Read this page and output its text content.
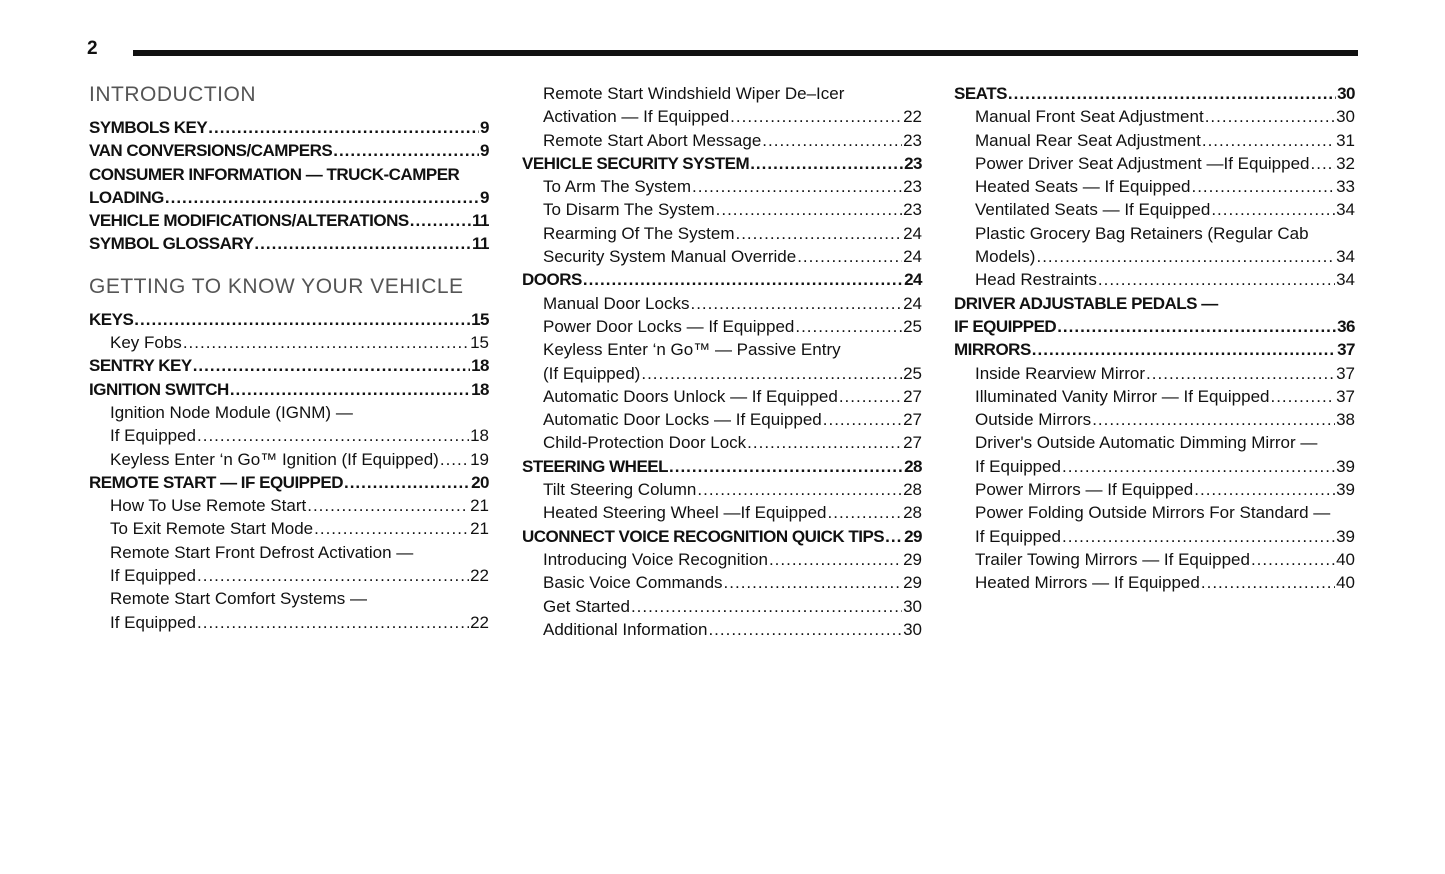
2
INTRODUCTION
SYMBOLS KEY .....	9
VAN CONVERSIONS/CAMPERS .....	9
CONSUMER INFORMATION — TRUCK-CAMPER
LOADING .....	9
VEHICLE MODIFICATIONS/ALTERATIONS .....	11
SYMBOL GLOSSARY .....	11
GETTING TO KNOW YOUR VEHICLE
KEYS .....	15
Key Fobs .....	15
SENTRY KEY .....	18
IGNITION SWITCH .....	18
Ignition Node Module (IGNM) —
If Equipped .....	18
Keyless Enter ‘n Go™ Ignition (If Equipped) ..... 19
REMOTE START — IF EQUIPPED .....	20
How To Use Remote Start .....	21
To Exit Remote Start Mode .....	21
Remote Start Front Defrost Activation —
If Equipped .....	22
Remote Start Comfort Systems —
If Equipped .....	22
Remote Start Windshield Wiper De–Icer
Activation — If Equipped .....	22
Remote Start Abort Message .....	23
VEHICLE SECURITY SYSTEM .....	23
To Arm The System .....	23
To Disarm The System .....	23
Rearming Of The System .....	24
Security System Manual Override .....	24
DOORS .....	24
Manual Door Locks .....	24
Power Door Locks — If Equipped .....	25
Keyless Enter ‘n Go™ — Passive Entry
(If Equipped) .....	25
Automatic Doors Unlock — If Equipped .....	27
Automatic Door Locks — If Equipped .....	27
Child-Protection Door Lock .....	27
STEERING WHEEL .....	28
Tilt Steering Column .....	28
Heated Steering Wheel —If Equipped .....	28
UCONNECT VOICE RECOGNITION QUICK TIPS ..... 29
Introducing Voice Recognition .....	29
Basic Voice Commands .....	29
Get Started .....	30
Additional Information .....	30
SEATS .....	30
Manual Front Seat Adjustment .....	30
Manual Rear Seat Adjustment .....	31
Power Driver Seat Adjustment —If Equipped ..... 32
Heated Seats — If Equipped .....	33
Ventilated Seats — If Equipped .....	34
Plastic Grocery Bag Retainers (Regular Cab
Models) .....	34
Head Restraints .....	34
DRIVER ADJUSTABLE PEDALS —
IF EQUIPPED .....	36
MIRRORS .....	37
Inside Rearview Mirror .....	37
Illuminated Vanity Mirror — If Equipped .....	37
Outside Mirrors .....	38
Driver's Outside Automatic Dimming Mirror —
If Equipped .....	39
Power Mirrors — If Equipped .....	39
Power Folding Outside Mirrors For Standard —
If Equipped .....	39
Trailer Towing Mirrors — If Equipped .....	40
Heated Mirrors — If Equipped .....	40
